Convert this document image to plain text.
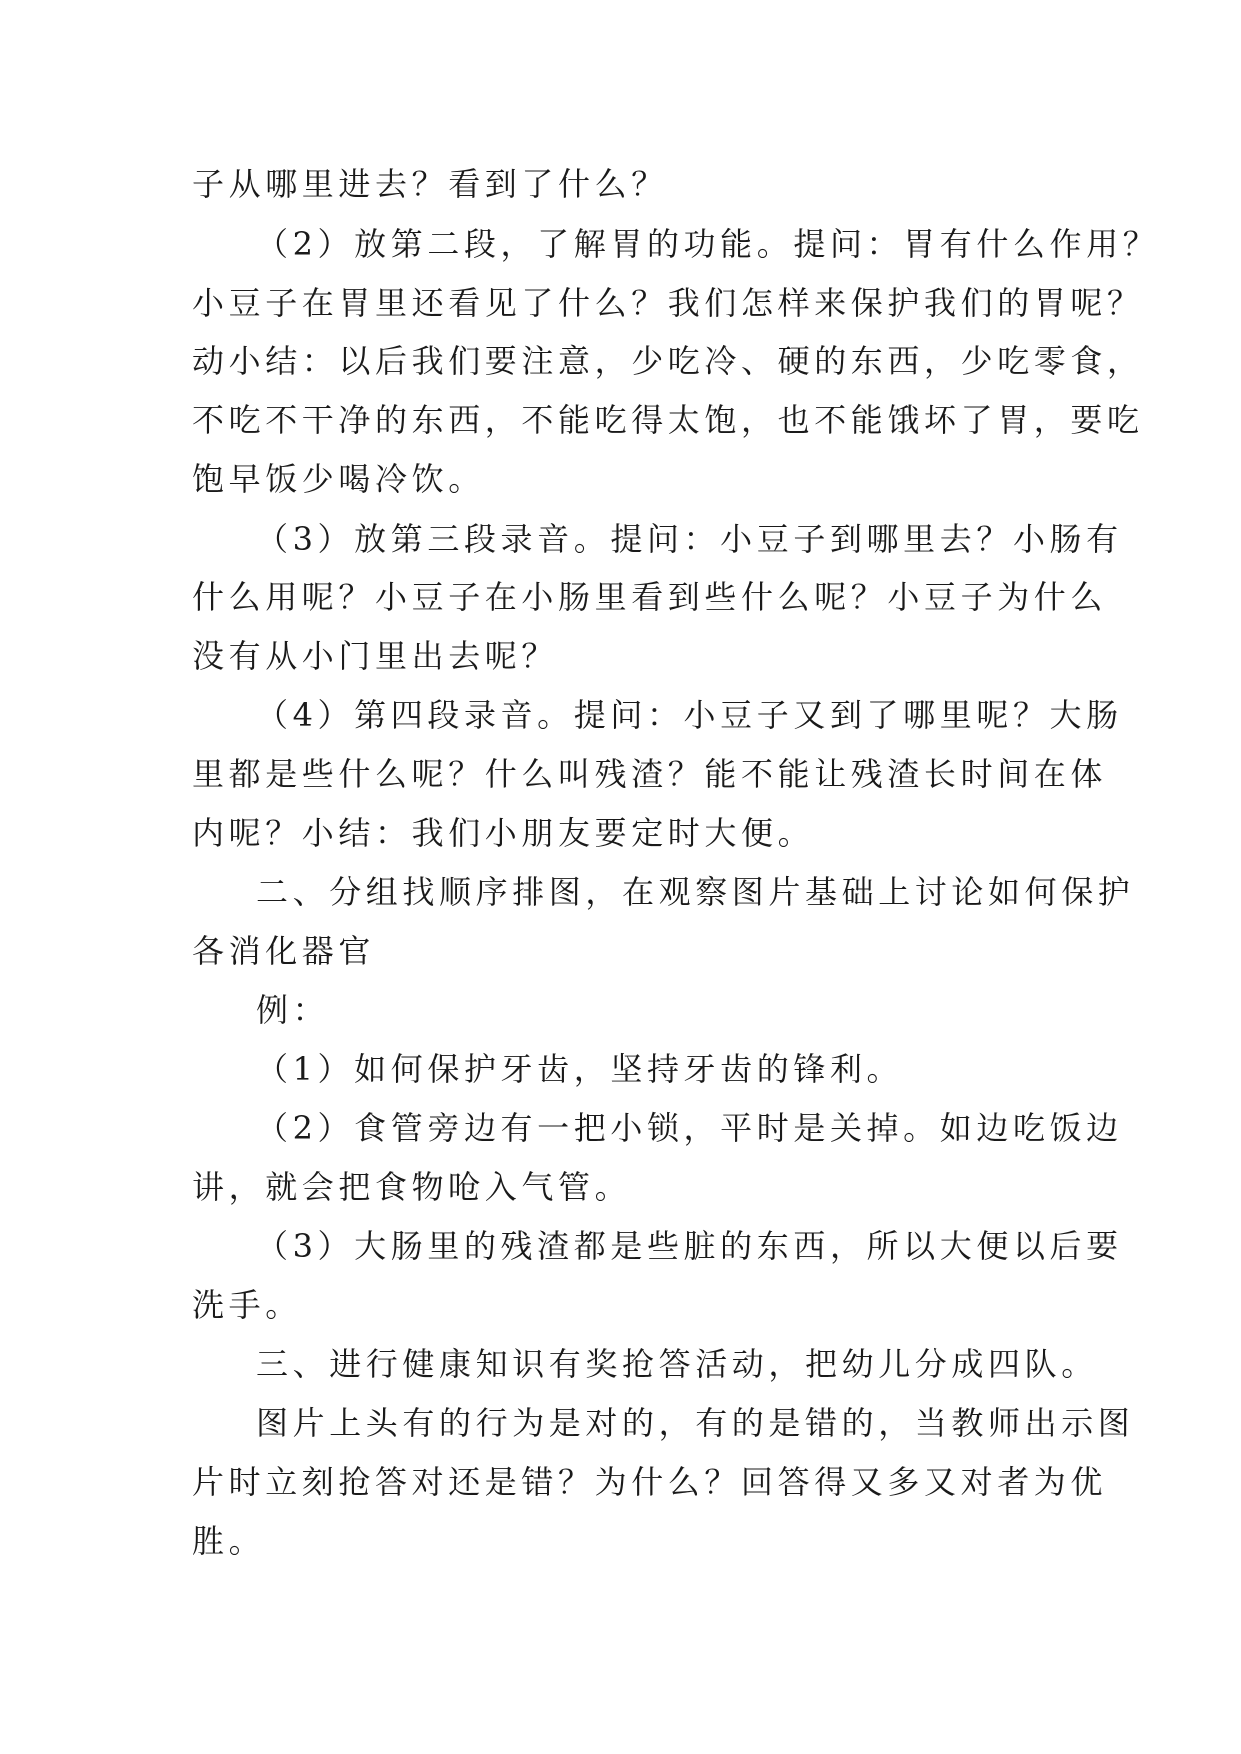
子从哪里进去？看到了什么？
（2）放第二段，了解胃的功能。提问：胃有什么作用？
小豆子在胃里还看见了什么？我们怎样来保护我们的胃呢？
动小结：以后我们要注意，少吃冷、硬的东西，少吃零食，
不吃不干净的东西，不能吃得太饱，也不能饿坏了胃，要吃
饱早饭少喝冷饮。
（3）放第三段录音。提问：小豆子到哪里去？小肠有
什么用呢？小豆子在小肠里看到些什么呢？小豆子为什么
没有从小门里出去呢？
（4）第四段录音。提问：小豆子又到了哪里呢？大肠
里都是些什么呢？什么叫残渣？能不能让残渣长时间在体
内呢？小结：我们小朋友要定时大便。
二、分组找顺序排图，在观察图片基础上讨论如何保护
各消化器官
例：
（1）如何保护牙齿，坚持牙齿的锋利。
（2）食管旁边有一把小锁，平时是关掉。如边吃饭边
讲，就会把食物呛入气管。
（3）大肠里的残渣都是些脏的东西，所以大便以后要
洗手。
三、进行健康知识有奖抢答活动，把幼儿分成四队。
图片上头有的行为是对的，有的是错的，当教师出示图
片时立刻抢答对还是错？为什么？回答得又多又对者为优
胜。
